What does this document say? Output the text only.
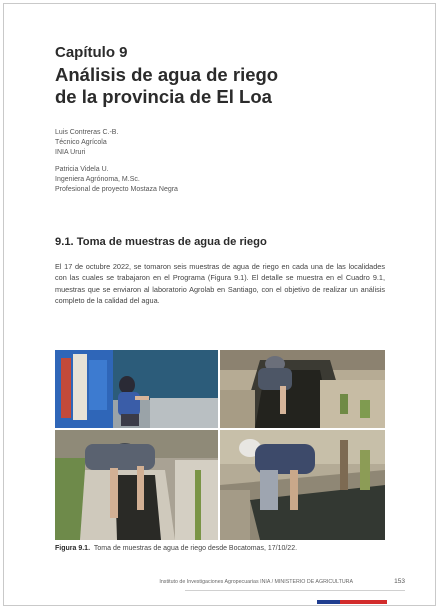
Capítulo 9

Análisis de agua de riego
de la provincia de El Loa

Luis Contreras C.-B.
Técnico Agrícola
INIA Ururi
Patricia Videla U.
Ingeniera Agrónoma, M.Sc.
Profesional de proyecto Mostaza Negra
9.1. Toma de muestras de agua de riego
El 17 de octubre 2022, se tomaron seis muestras de agua de riego en cada una de las localidades con las cuales se trabajaron en el Programa (Figura 9.1). El detalle se muestra en el Cuadro 9.1, muestras que se enviaron al laboratorio Agrolab en Santiago, con el objetivo de realizar un análisis completo de la calidad del agua.
Figura 9.1. Toma de muestras de agua de riego desde Bocatomas, 17/10/22.
Instituto de Investigaciones Agropecuarias INIA / MINISTERIO DE AGRICULTURA	153
